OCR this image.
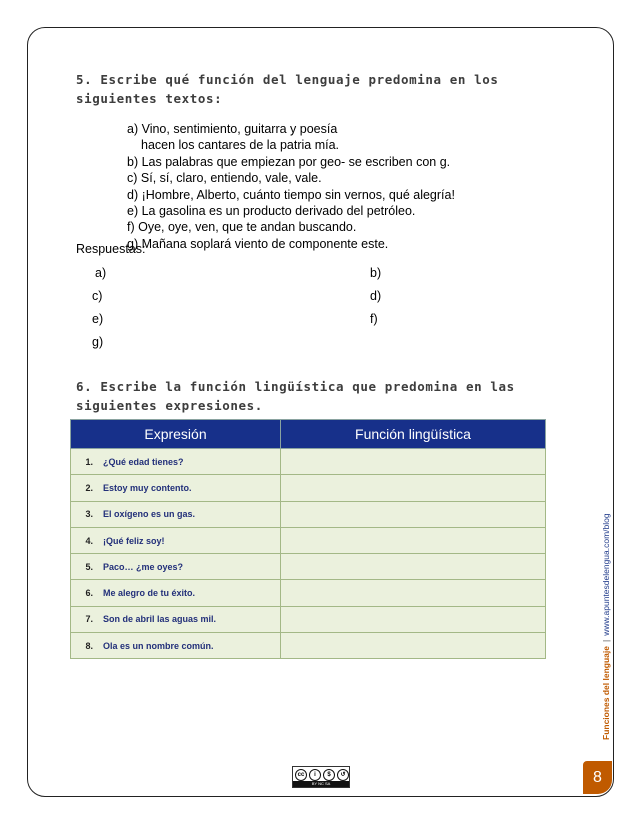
5. Escribe qué función del lenguaje predomina en los siguientes textos:
a) Vino, sentimiento, guitarra y poesía
hacen los cantares de la patria mía.
b) Las palabras que empiezan por geo- se escriben con g.
c) Sí, sí, claro, entiendo, vale, vale.
d) ¡Hombre, Alberto, cuánto tiempo sin vernos, qué alegría!
e) La gasolina es un producto derivado del petróleo.
f) Oye, oye, ven, que te andan buscando.
g) Mañana soplará viento de componente este.
Respuestas:
a)	b)
c)	d)
e)	f)
g)
6. Escribe la función lingüística que predomina en las siguientes expresiones.
Expresión	Función lingüística
1. ¿Qué edad tienes?	
2. Estoy muy contento.	
3. El oxígeno es un gas.	
4. ¡Qué feliz soy!	
5. Paco… ¿me oyes?	
6. Me alegro de tu éxito.	
7. Son de abril las aguas mil.	
8. Ola es un nombre común.	
Funciones del lenguaje|www.apuntesdelengua.com/blog
cc	i	$	↺
BY NC SA	8
